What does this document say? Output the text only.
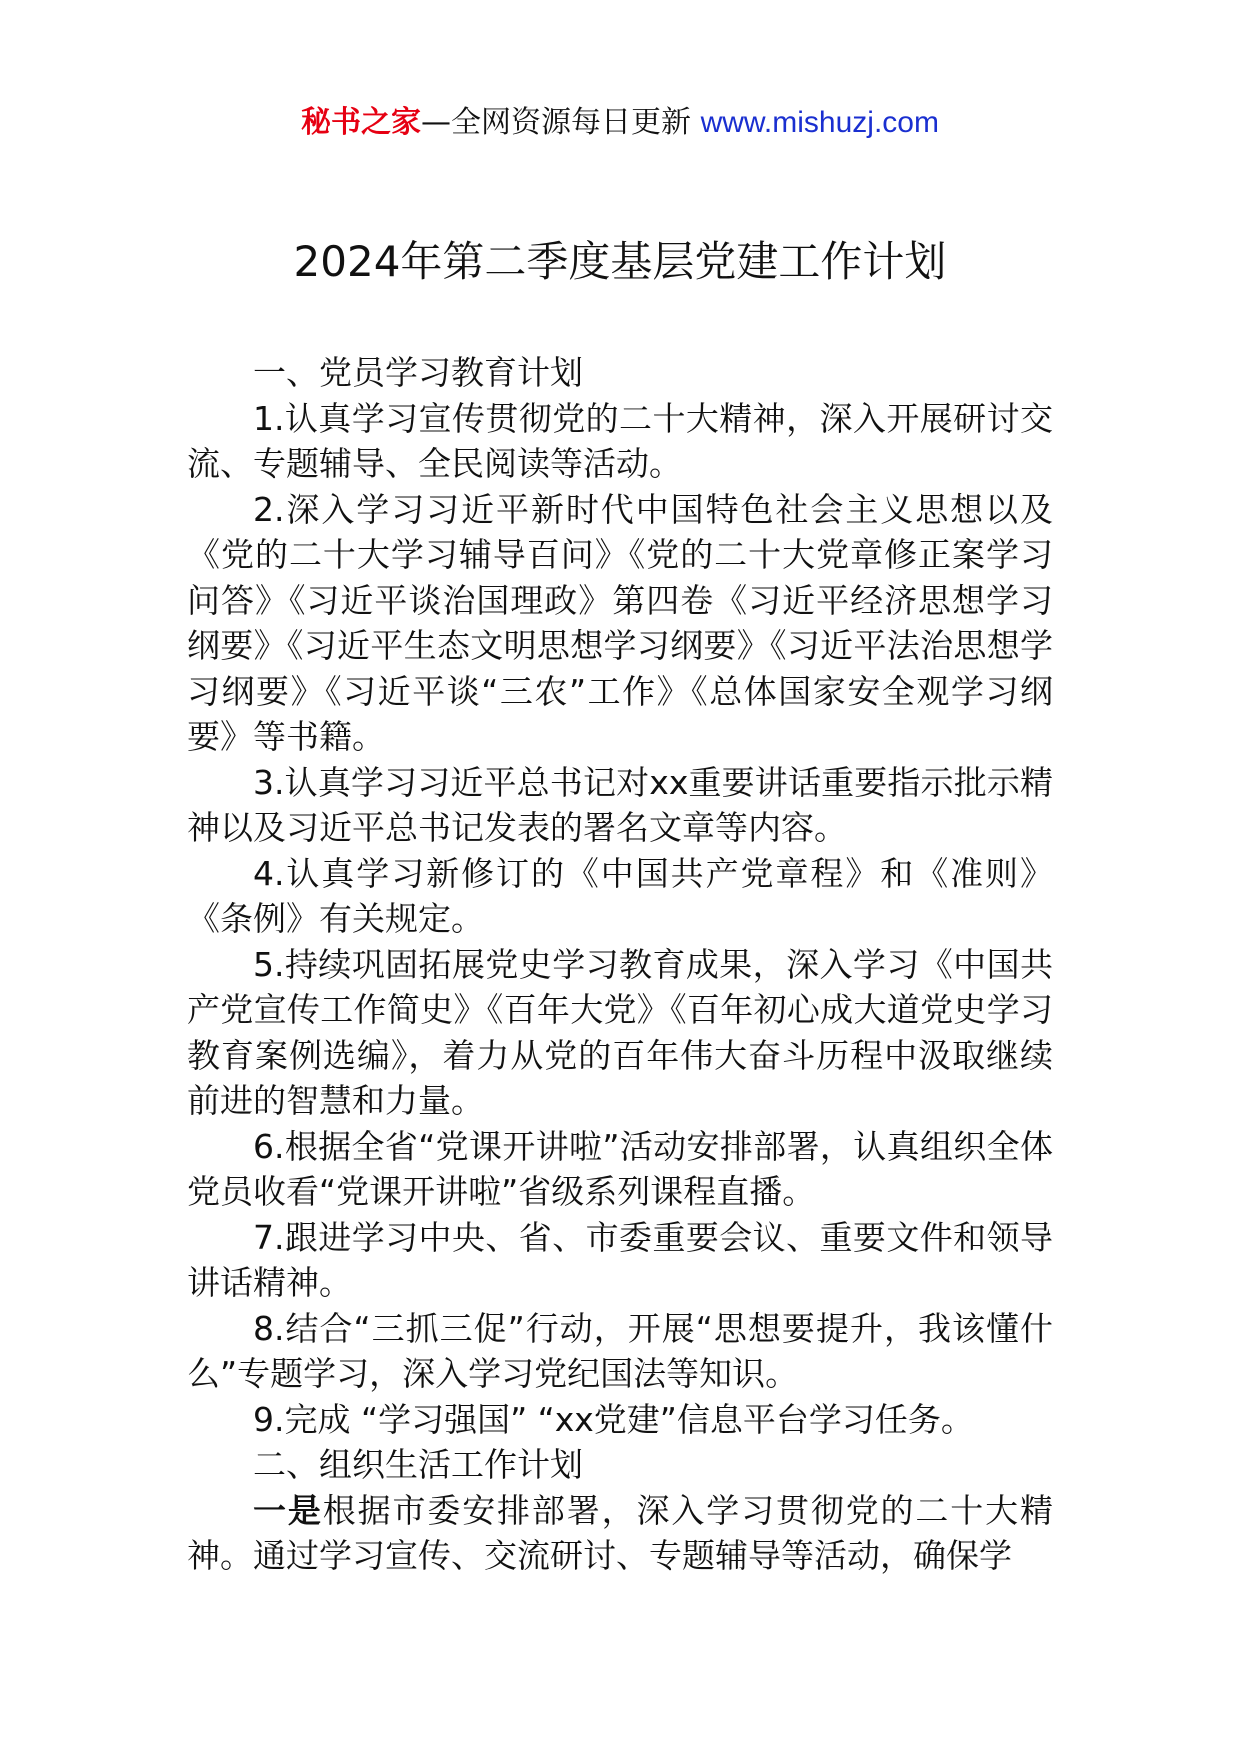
秘书之家—全网资源每日更新 www.mishuzj.com
2024年第二季度基层党建工作计划

一、党员学习教育计划

1.认真学习宣传贯彻党的二十大精神，深入开展研讨交流、专题辅导、全民阅读等活动。

2.深入学习习近平新时代中国特色社会主义思想以及《党的二十大学习辅导百问》《党的二十大党章修正案学习问答》《习近平谈治国理政》第四卷《习近平经济思想学习纲要》《习近平生态文明思想学习纲要》《习近平法治思想学习纲要》《习近平谈“三农”工作》《总体国家安全观学习纲要》等书籍。

3.认真学习习近平总书记对xx重要讲话重要指示批示精神以及习近平总书记发表的署名文章等内容。

4.认真学习新修订的《中国共产党章程》和《准则》《条例》有关规定。

5.持续巩固拓展党史学习教育成果，深入学习《中国共产党宣传工作简史》《百年大党》《百年初心成大道党史学习教育案例选编》，着力从党的百年伟大奋斗历程中汲取继续前进的智慧和力量。

6.根据全省“党课开讲啦”活动安排部署，认真组织全体党员收看“党课开讲啦”省级系列课程直播。

7.跟进学习中央、省、市委重要会议、重要文件和领导讲话精神。

8.结合“三抓三促”行动，开展“思想要提升，我该懂什么”专题学习，深入学习党纪国法等知识。

9.完成 “学习强国” “xx党建”信息平台学习任务。

二、组织生活工作计划

一是根据市委安排部署，深入学习贯彻党的二十大精神。通过学习宣传、交流研讨、专题辅导等活动，确保学
